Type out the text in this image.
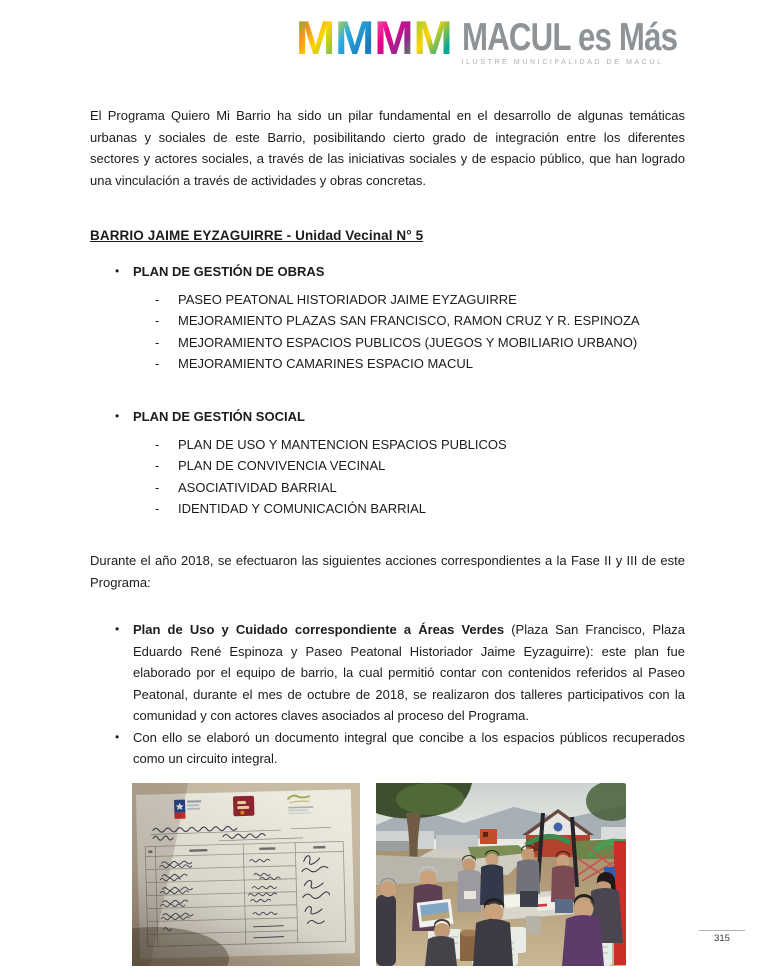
M M M M MACUL es Más
ILUSTRE MUNICIPALIDAD DE MACUL

El Programa Quiero Mi Barrio ha sido un pilar fundamental en el desarrollo de algunas temáticas urbanas y sociales de este Barrio, posibilitando cierto grado de integración entre los diferentes sectores y actores sociales, a través de las iniciativas sociales y de espacio público, que han logrado una vinculación a través de actividades y obras concretas.

BARRIO JAIME EYZAGUIRRE - Unidad Vecinal N° 5
•	PLAN DE GESTIÓN DE OBRAS
-	PASEO PEATONAL HISTORIADOR JAIME EYZAGUIRRE
-	MEJORAMIENTO PLAZAS SAN FRANCISCO, RAMON CRUZ Y R. ESPINOZA
-	MEJORAMIENTO ESPACIOS PUBLICOS (JUEGOS Y MOBILIARIO URBANO)
-	MEJORAMIENTO CAMARINES ESPACIO MACUL
•	PLAN DE GESTIÓN SOCIAL
-	PLAN DE USO Y MANTENCION ESPACIOS PUBLICOS
-	PLAN DE CONVIVENCIA VECINAL
-	ASOCIATIVIDAD BARRIAL
-	IDENTIDAD Y COMUNICACIÓN BARRIAL

Durante el año 2018, se efectuaron las siguientes acciones correspondientes a la Fase II y III de este Programa:

•	Plan de Uso y Cuidado correspondiente a Áreas Verdes (Plaza San Francisco, Plaza Eduardo René Espinoza y Paseo Peatonal Historiador Jaime Eyzaguirre): este plan fue elaborado por el equipo de barrio, la cual permitió contar con contenidos referidos al Paseo Peatonal, durante el mes de octubre de 2018, se realizaron dos talleres participativos con la comunidad y con actores claves asociados al proceso del Programa.

•	Con ello se elaboró un documento integral que concibe a los espacios públicos recuperados como un circuito integral.

315
